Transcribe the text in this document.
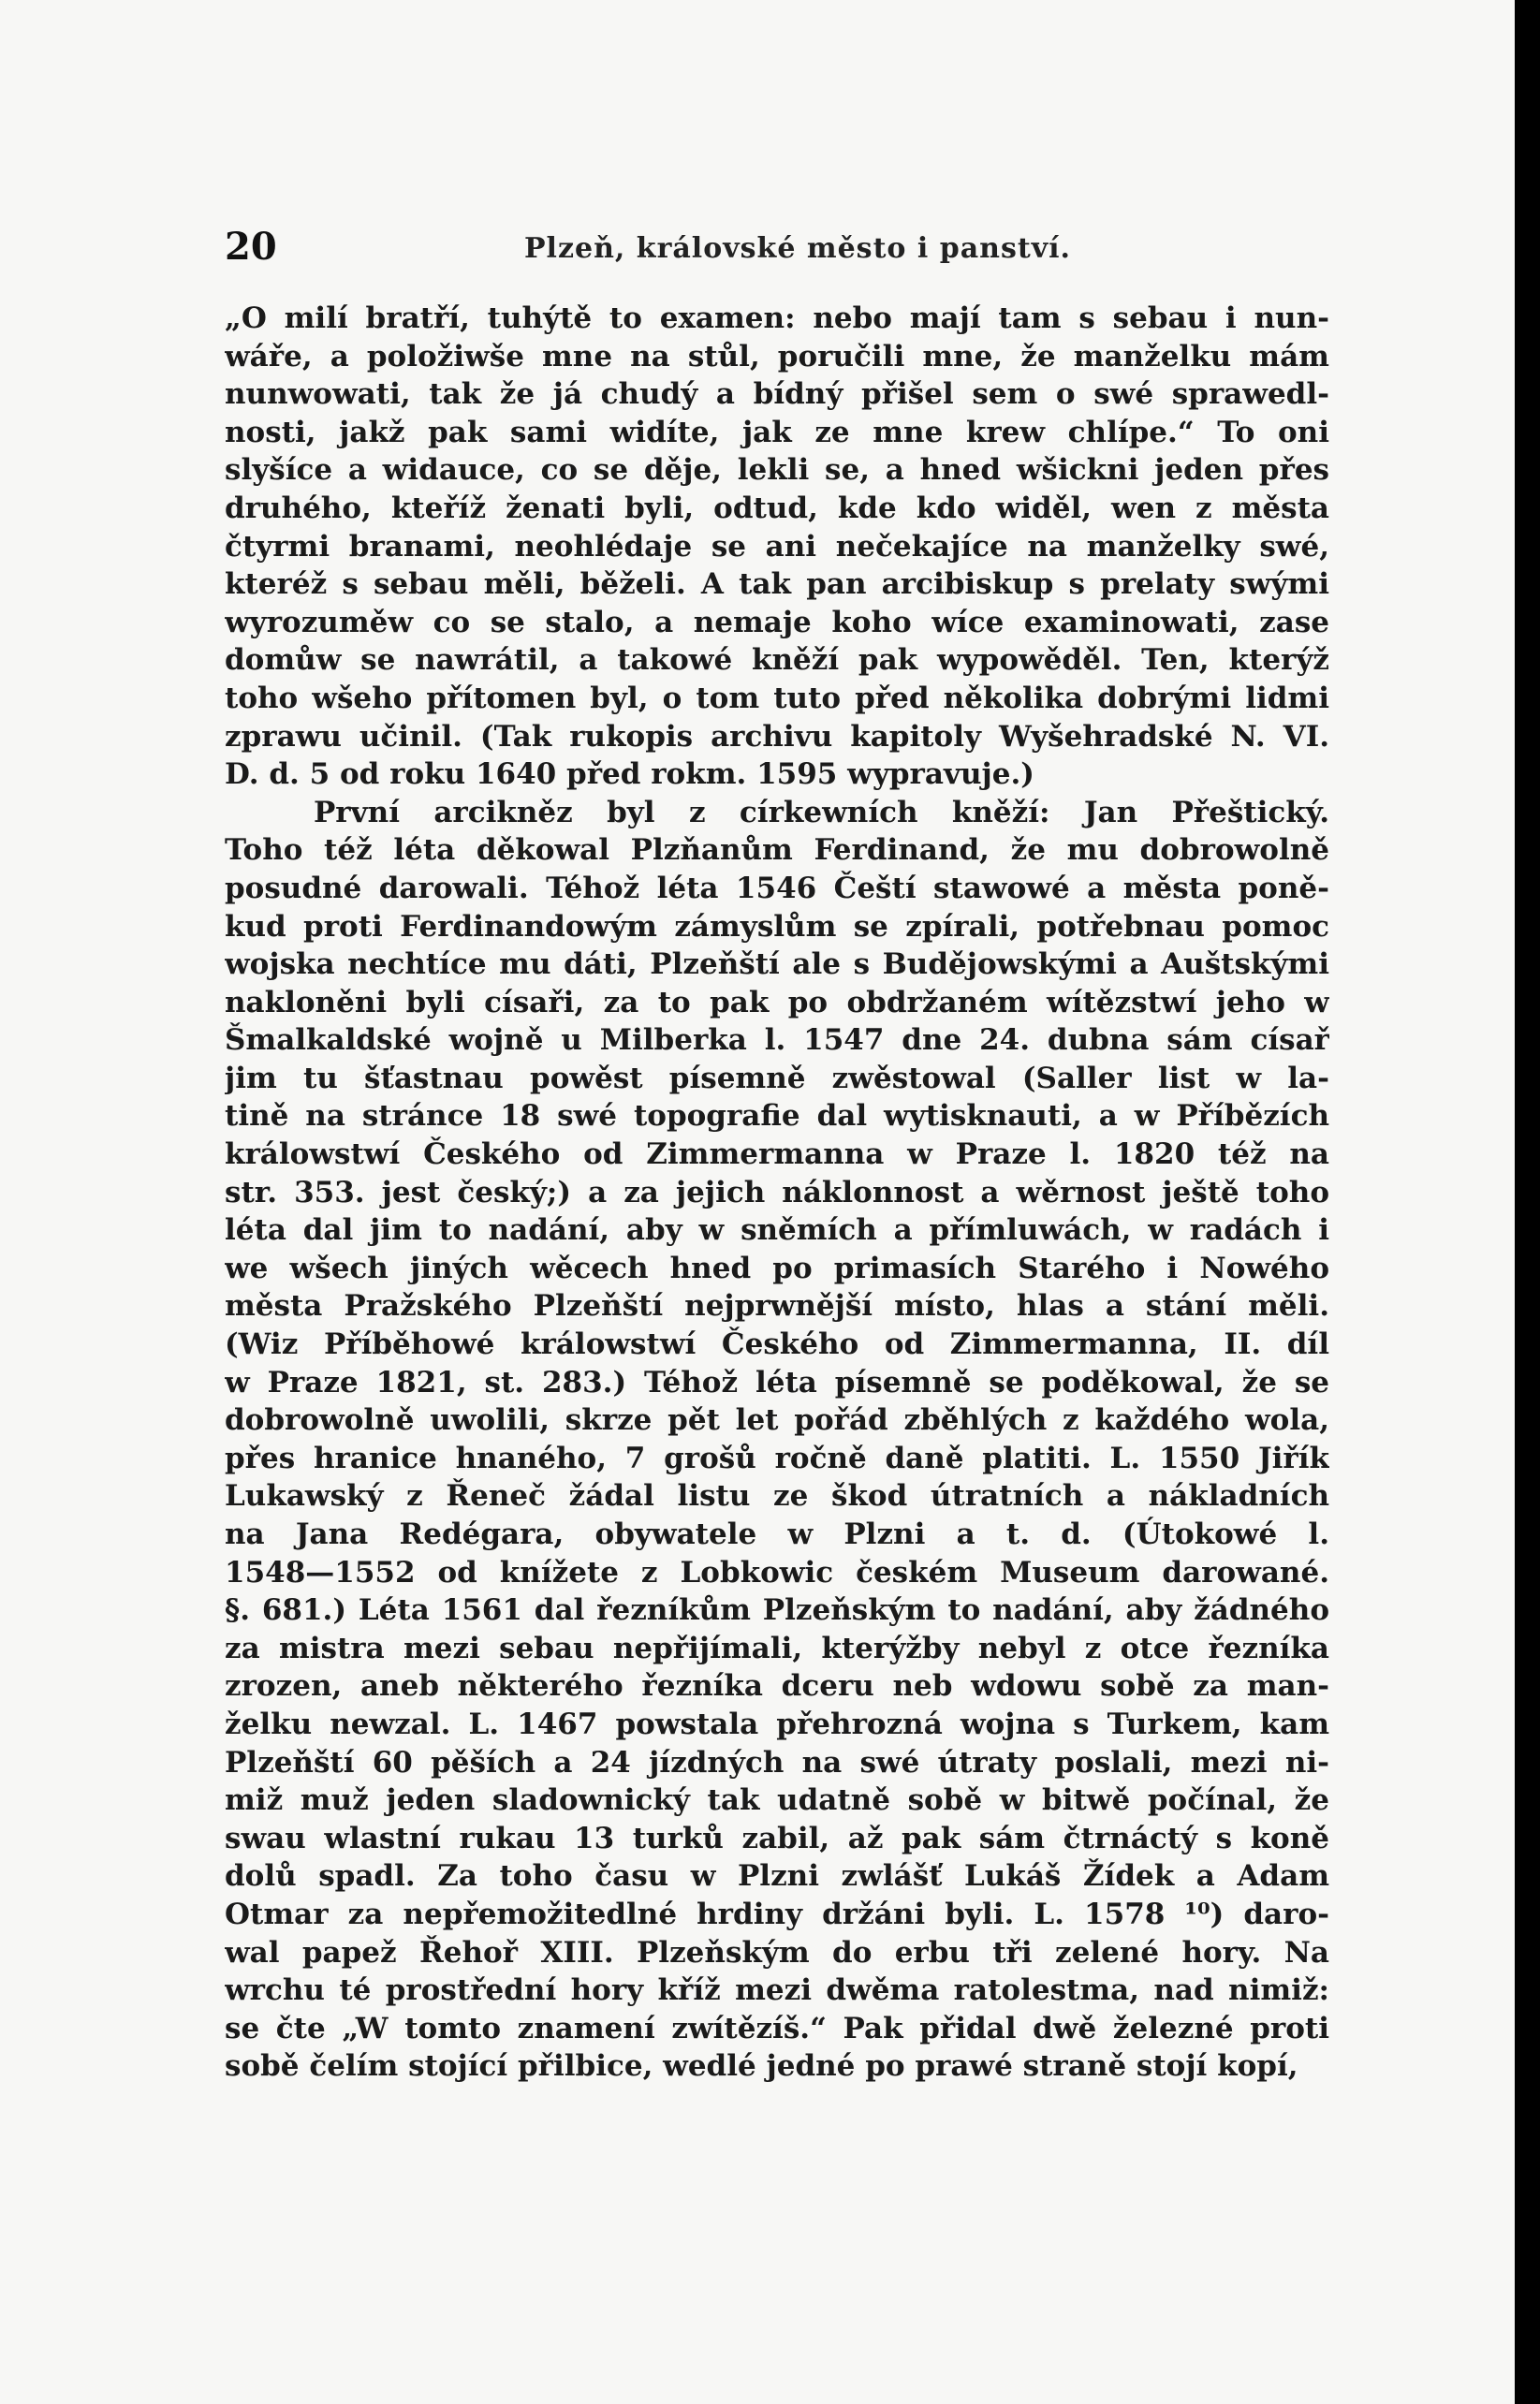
20	Plzeň, královské město i panství.
„O milí bratří, tuhýtě to examen: nebo mají tam s sebau i nun-
wáře, a položiwše mne na stůl, poručili mne, že manželku mám
nunwowati, tak že já chudý a bídný přišel sem o swé sprawedl-
nosti, jakž pak sami widíte, jak ze mne krew chlípe.“ To oni
slyšíce a widauce, co se děje, lekli se, a hned wšickni jeden přes
druhého, kteříž ženati byli, odtud, kde kdo widěl, wen z města
čtyrmi branami, neohlédaje se ani nečekajíce na manželky swé,
kteréž s sebau měli, běželi. A tak pan arcibiskup s prelaty swými
wyrozuměw co se stalo, a nemaje koho wíce examinowati, zase
domůw se nawrátil, a takowé kněží pak wypowěděl. Ten, kterýž
toho wšeho přítomen byl, o tom tuto před několika dobrými lidmi
zprawu učinil. (Tak rukopis archivu kapitoly Wyšehradské N. VI.
D. d. 5 od roku 1640 před rokm. 1595 wypravuje.)
První arcikněz byl z církewních kněží: Jan Přeštický.
Toho též léta děkowal Plzňanům Ferdinand, že mu dobrowolně
posudné darowali. Téhož léta 1546 Čeští stawowé a města poně-
kud proti Ferdinandowým zámyslům se zpírali, potřebnau pomoc
wojska nechtíce mu dáti, Plzeňští ale s Budějowskými a Auštskými
nakloněni byli císaři, za to pak po obdržaném wítězstwí jeho w
Šmalkaldské wojně u Milberka l. 1547 dne 24. dubna sám císař
jim tu šťastnau powěst písemně zwěstowal (Saller list w la-
tině na stránce 18 swé topografie dal wytisknauti, a w Příbězích
králowstwí Českého od Zimmermanna w Praze l. 1820 též na
str. 353. jest český;) a za jejich náklonnost a wěrnost ještě toho
léta dal jim to nadání, aby w sněmích a přímluwách, w radách i
we wšech jiných wěcech hned po primasích Starého i Nowého
města Pražského Plzeňští nejprwnější místo, hlas a stání měli.
(Wiz Příběhowé králowstwí Českého od Zimmermanna, II. díl
w Praze 1821, st. 283.) Téhož léta písemně se poděkowal, že se
dobrowolně uwolili, skrze pět let pořád zběhlých z každého wola,
přes hranice hnaného, 7 grošů ročně daně platiti. L. 1550 Jiřík
Lukawský z Řeneč žádal listu ze škod útratních a nákladních
na Jana Redégara, obywatele w Plzni a t. d. (Útokowé l.
1548—1552 od knížete z Lobkowic českém Museum darowané.
§. 681.) Léta 1561 dal řezníkům Plzeňským to nadání, aby žádného
za mistra mezi sebau nepřijímali, kterýžby nebyl z otce řezníka
zrozen, aneb některého řezníka dceru neb wdowu sobě za man-
želku newzal. L. 1467 powstala přehrozná wojna s Turkem, kam
Plzeňští 60 pěších a 24 jízdných na swé útraty poslali, mezi ni-
miž muž jeden sladownický tak udatně sobě w bitwě počínal, že
swau wlastní rukau 13 turků zabil, až pak sám čtrnáctý s koně
dolů spadl. Za toho času w Plzni zwlášť Lukáš Žídek a Adam
Otmar za nepřemožitedlné hrdiny držáni byli. L. 1578 ¹⁰) daro-
wal papež Řehoř XIII. Plzeňským do erbu tři zelené hory. Na
wrchu té prostřední hory kříž mezi dwěma ratolestma, nad nimiž:
se čte „W tomto znamení zwítězíš.“ Pak přidal dwě železné proti
sobě čelím stojící přilbice, wedlé jedné po prawé straně stojí kopí,
